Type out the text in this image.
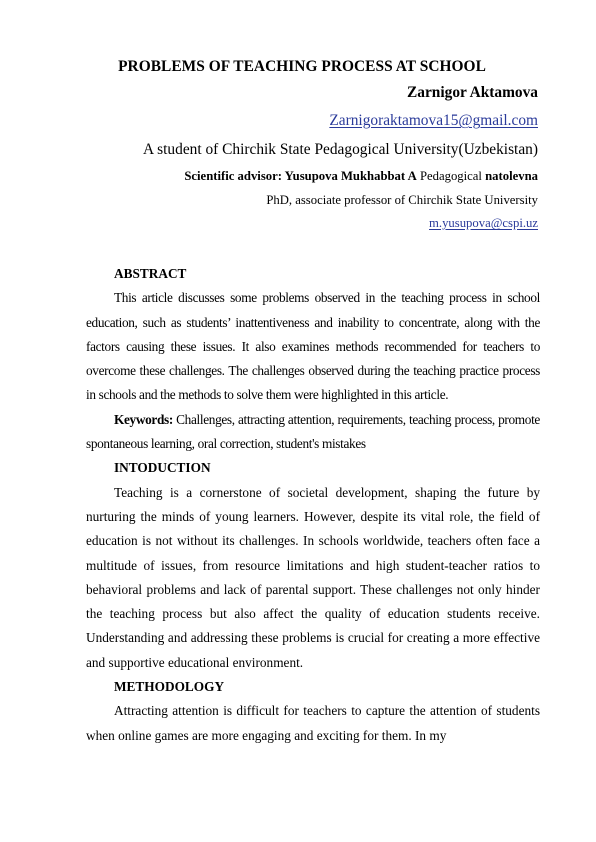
PROBLEMS OF TEACHING PROCESS AT SCHOOL
Zarnigor Aktamova
Zarnigoraktamova15@gmail.com
A student of Chirchik State Pedagogical University(Uzbekistan)
Scientific advisor: Yusupova Mukhabbat A Pedagogical natolevna
PhD, associate professor of Chirchik State University
m.yusupova@cspi.uz

ABSTRACT

This article discusses some problems observed in the teaching process in school education, such as students’ inattentiveness and inability to concentrate, along with the factors causing these issues. It also examines methods recommended for teachers to overcome these challenges. The challenges observed during the teaching practice process in schools and the methods to solve them were highlighted in this article.

Keywords: Challenges, attracting attention, requirements, teaching process, promote spontaneous learning, oral correction, student's mistakes

INTODUCTION

Teaching is a cornerstone of societal development, shaping the future by nurturing the minds of young learners. However, despite its vital role, the field of education is not without its challenges. In schools worldwide, teachers often face a multitude of issues, from resource limitations and high student-teacher ratios to behavioral problems and lack of parental support. These challenges not only hinder the teaching process but also affect the quality of education students receive. Understanding and addressing these problems is crucial for creating a more effective and supportive educational environment.

METHODOLOGY

Attracting attention is difficult for teachers to capture the attention of students when online games are more engaging and exciting for them. In my
